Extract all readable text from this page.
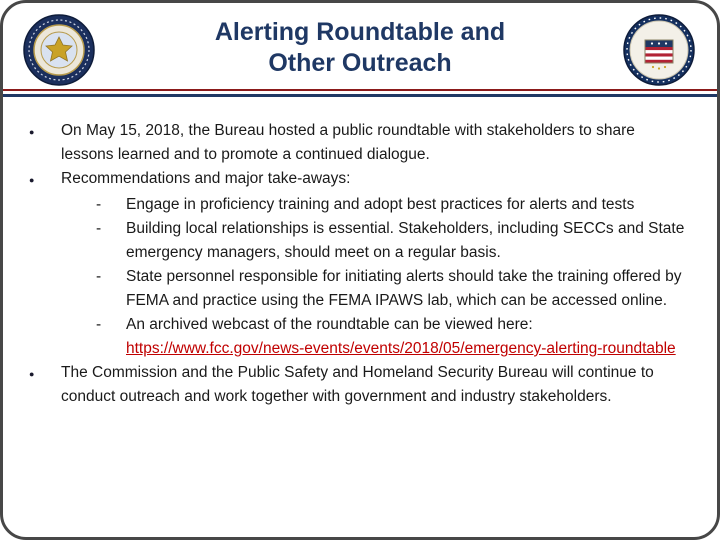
Alerting Roundtable and
Other Outreach
●	On May 15, 2018, the Bureau hosted a public roundtable with stakeholders to share lessons learned and to promote a continued dialogue.
●	Recommendations and major take-aways:
-	Engage in proficiency training and adopt best practices for alerts and tests
-	Building local relationships is essential. Stakeholders, including SECCs and State emergency managers, should meet on a regular basis.
-	State personnel responsible for initiating alerts should take the training offered by FEMA and practice using the FEMA IPAWS lab, which can be accessed online.
-	An archived webcast of the roundtable can be viewed here:
https://www.fcc.gov/news-events/events/2018/05/emergency-alerting-roundtable
●	The Commission and the Public Safety and Homeland Security Bureau will continue to conduct outreach and work together with government and industry stakeholders.
